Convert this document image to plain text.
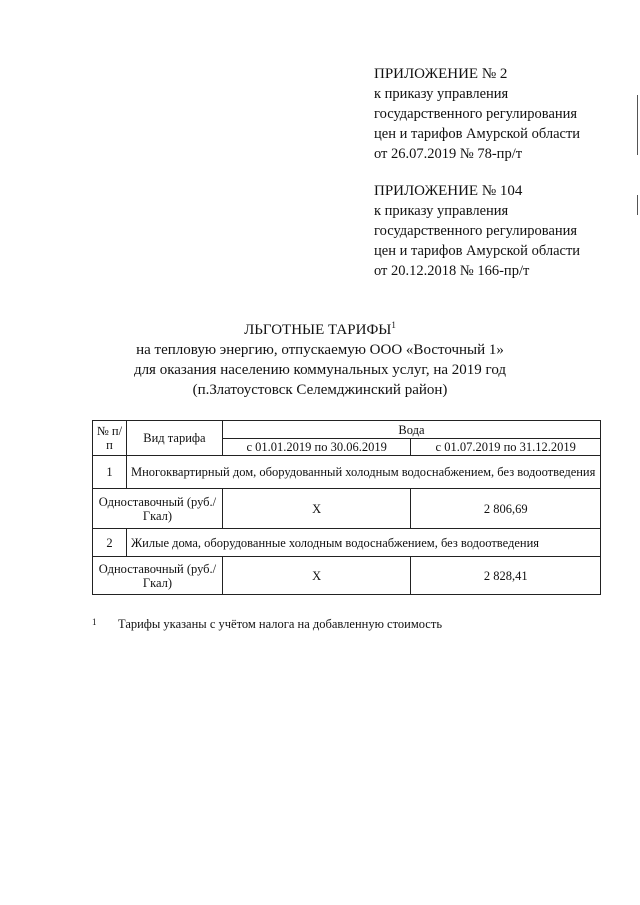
ПРИЛОЖЕНИЕ № 2
к приказу управления
государственного регулирования
цен и тарифов Амурской области
от 26.07.2019 № 78-пр/т
ПРИЛОЖЕНИЕ № 104
к приказу управления
государственного регулирования
цен и тарифов Амурской области
от 20.12.2018 № 166-пр/т
ЛЬГОТНЫЕ ТАРИФЫ$^1$
на тепловую энергию, отпускаемую ООО «Восточный 1»
для оказания населению коммунальных услуг, на 2019 год
(п.Златоустовск Селемджинский район)
№ п/п	Вид тарифа	Вода	
		с 01.01.2019 по 30.06.2019	с 01.07.2019 по 31.12.2019
1	Многоквартирный дом, оборудованный холодным водоснабжением, без водоотведения		
Одноставочный (руб./Гкал)		X	2 806,69
2	Жилые дома, оборудованные холодным водоснабжением, без водоотведения		
Одноставочный (руб./Гкал)		X	2 828,41
1 Тарифы указаны с учётом налога на добавленную стоимость
